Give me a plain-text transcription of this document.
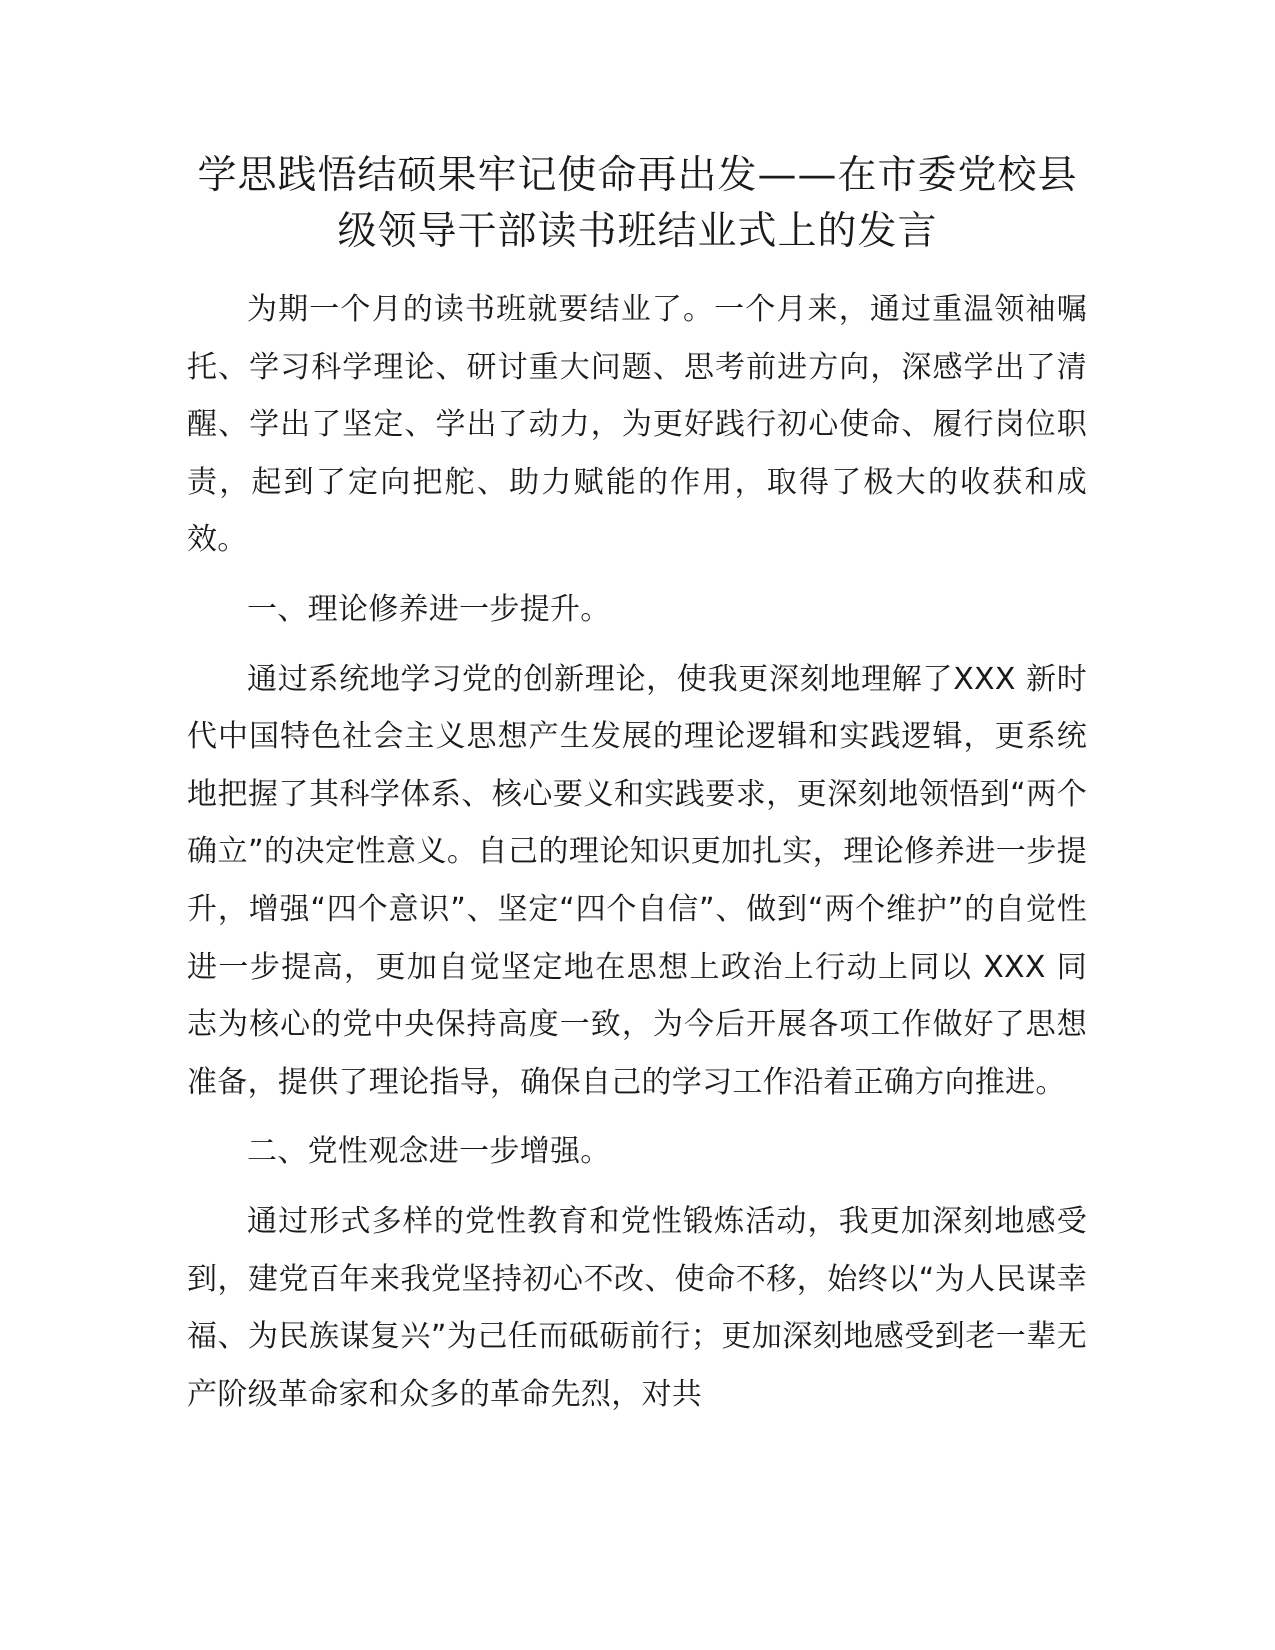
学思践悟结硕果牢记使命再出发——在市委党校县级领导干部读书班结业式上的发言

为期一个月的读书班就要结业了。一个月来，通过重温领袖嘱托、学习科学理论、研讨重大问题、思考前进方向，深感学出了清醒、学出了坚定、学出了动力，为更好践行初心使命、履行岗位职责，起到了定向把舵、助力赋能的作用，取得了极大的收获和成效。

一、理论修养进一步提升。

通过系统地学习党的创新理论，使我更深刻地理解了XXX 新时代中国特色社会主义思想产生发展的理论逻辑和实践逻辑，更系统地把握了其科学体系、核心要义和实践要求，更深刻地领悟到“两个确立”的决定性意义。自己的理论知识更加扎实，理论修养进一步提升，增强“四个意识”、坚定“四个自信”、做到“两个维护”的自觉性进一步提高，更加自觉坚定地在思想上政治上行动上同以 XXX 同志为核心的党中央保持高度一致，为今后开展各项工作做好了思想准备，提供了理论指导，确保自己的学习工作沿着正确方向推进。

二、党性观念进一步增强。

通过形式多样的党性教育和党性锻炼活动，我更加深刻地感受到，建党百年来我党坚持初心不改、使命不移，始终以“为人民谋幸福、为民族谋复兴”为己任而砥砺前行；更加深刻地感受到老一辈无产阶级革命家和众多的革命先烈，对共
